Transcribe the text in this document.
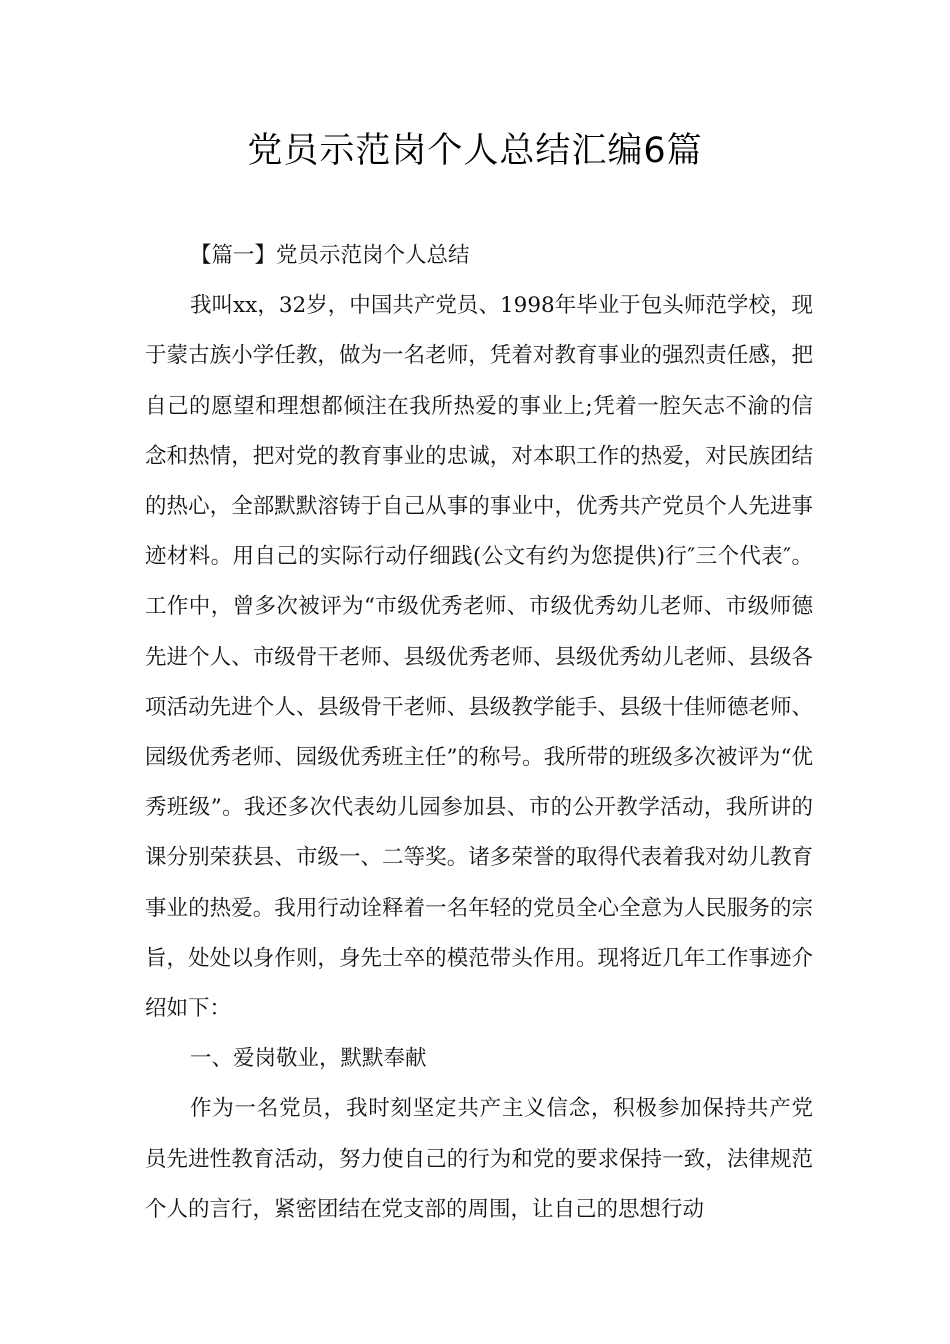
党员示范岗个人总结汇编6篇

【篇一】党员示范岗个人总结

我叫xx，32岁，中国共产党员、1998年毕业于包头师范学校，现于蒙古族小学任教，做为一名老师，凭着对教育事业的强烈责任感，把自己的愿望和理想都倾注在我所热爱的事业上;凭着一腔矢志不渝的信念和热情，把对党的教育事业的忠诚，对本职工作的热爱，对民族团结的热心，全部默默溶铸于自己从事的事业中，优秀共产党员个人先进事迹材料。用自己的实际行动仔细践(公文有约为您提供)行″三个代表″。工作中，曾多次被评为“市级优秀老师、市级优秀幼儿老师、市级师德先进个人、市级骨干老师、县级优秀老师、县级优秀幼儿老师、县级各项活动先进个人、县级骨干老师、县级教学能手、县级十佳师德老师、园级优秀老师、园级优秀班主任”的称号。我所带的班级多次被评为“优秀班级”。我还多次代表幼儿园参加县、市的公开教学活动，我所讲的课分别荣获县、市级一、二等奖。诸多荣誉的取得代表着我对幼儿教育事业的热爱。我用行动诠释着一名年轻的党员全心全意为人民服务的宗旨，处处以身作则，身先士卒的模范带头作用。现将近几年工作事迹介绍如下：

一、爱岗敬业，默默奉献

作为一名党员，我时刻坚定共产主义信念，积极参加保持共产党员先进性教育活动，努力使自己的行为和党的要求保持一致，法律规范个人的言行，紧密团结在党支部的周围，让自己的思想行动
